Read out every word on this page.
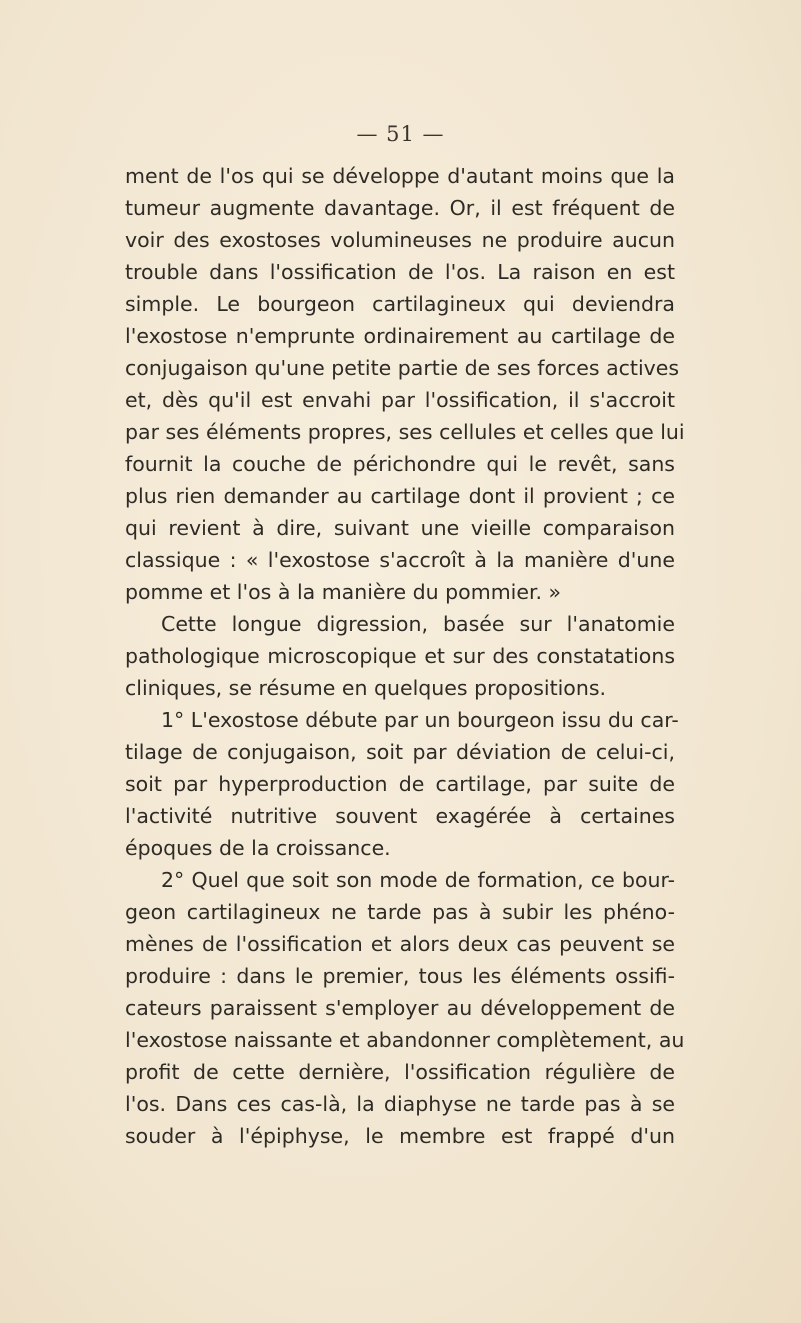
— 51 —
ment de l'os qui se développe d'autant moins que la
tumeur augmente davantage. Or, il est fréquent de
voir des exostoses volumineuses ne produire aucun
trouble dans l'ossification de l'os. La raison en est
simple. Le bourgeon cartilagineux qui deviendra
l'exostose n'emprunte ordinairement au cartilage de
conjugaison qu'une petite partie de ses forces actives
et, dès qu'il est envahi par l'ossification, il s'accroit
par ses éléments propres, ses cellules et celles que lui
fournit la couche de périchondre qui le revêt, sans
plus rien demander au cartilage dont il provient ; ce
qui revient à dire, suivant une vieille comparaison
classique : « l'exostose s'accroît à la manière d'une
pomme et l'os à la manière du pommier. »
Cette longue digression, basée sur l'anatomie
pathologique microscopique et sur des constatations
cliniques, se résume en quelques propositions.
1° L'exostose débute par un bourgeon issu du car-
tilage de conjugaison, soit par déviation de celui-ci,
soit par hyperproduction de cartilage, par suite de
l'activité nutritive souvent exagérée à certaines
époques de la croissance.
2° Quel que soit son mode de formation, ce bour-
geon cartilagineux ne tarde pas à subir les phéno-
mènes de l'ossification et alors deux cas peuvent se
produire : dans le premier, tous les éléments ossifi-
cateurs paraissent s'employer au développement de
l'exostose naissante et abandonner complètement, au
profit de cette dernière, l'ossification régulière de
l'os. Dans ces cas-là, la diaphyse ne tarde pas à se
souder à l'épiphyse, le membre est frappé d'un
